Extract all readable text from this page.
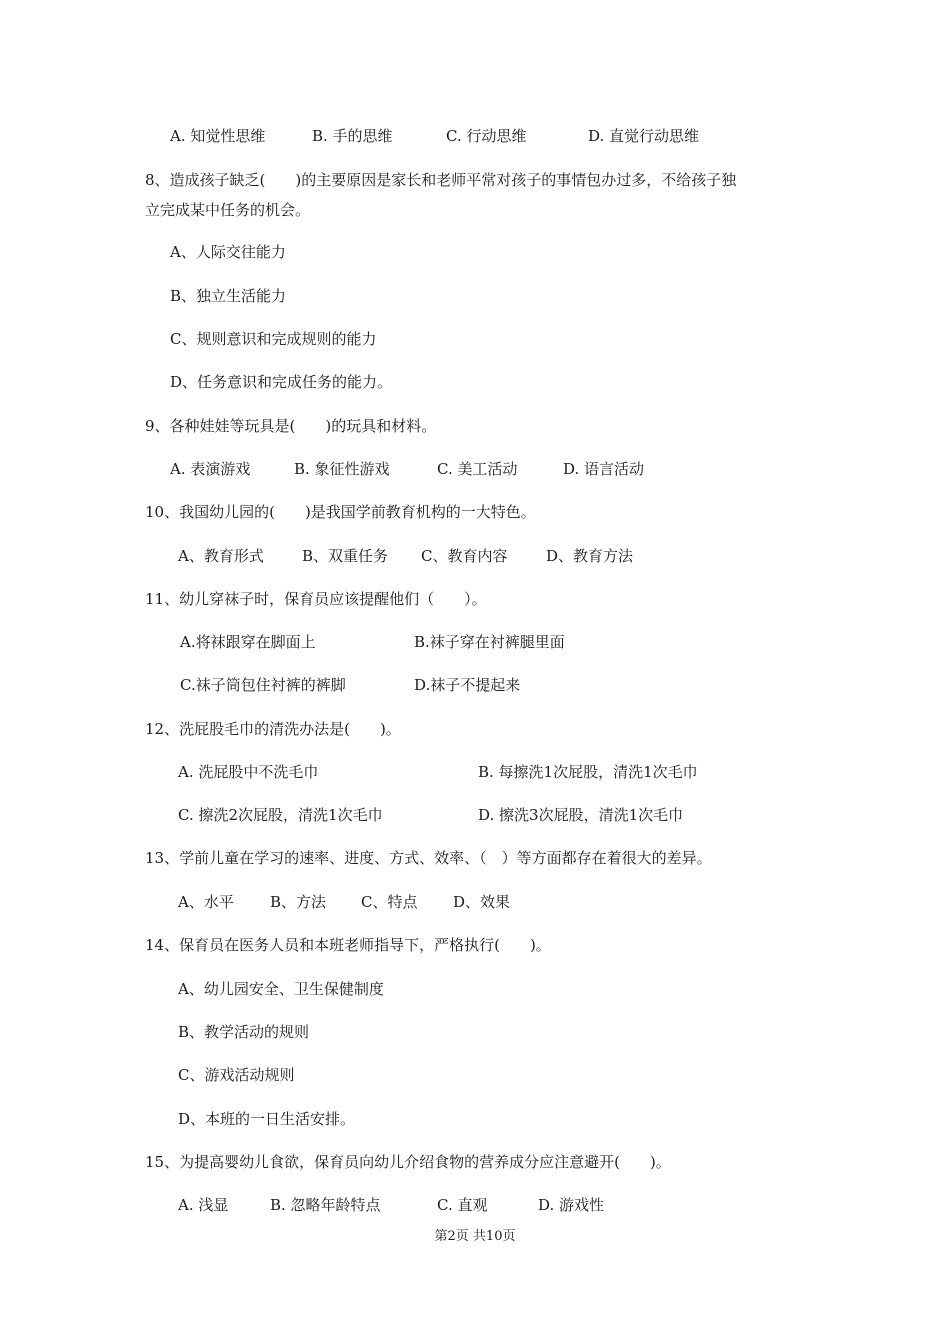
A. 知觉性思维	B. 手的思维	C. 行动思维	D. 直觉行动思维
8、造成孩子缺乏(　　)的主要原因是家长和老师平常对孩子的事情包办过多，不给孩子独
立完成某中任务的机会。
A、人际交往能力
B、独立生活能力
C、规则意识和完成规则的能力
D、任务意识和完成任务的能力。
9、各种娃娃等玩具是(　　)的玩具和材料。
A. 表演游戏	B. 象征性游戏	C. 美工活动	D. 语言活动
10、我国幼儿园的(　　)是我国学前教育机构的一大特色。
A、教育形式	B、双重任务 C、教育内容	D、教育方法
11、幼儿穿袜子时，保育员应该提醒他们（　　）。
A.将袜跟穿在脚面上	B.袜子穿在衬裤腿里面
C.袜子筒包住衬裤的裤脚	D.袜子不提起来
12、洗屁股毛巾的清洗办法是(　　)。
A. 洗屁股中不洗毛巾	B. 每擦洗1次屁股，清洗1次毛巾
C. 擦洗2次屁股，清洗1次毛巾	D. 擦洗3次屁股，清洗1次毛巾
13、学前儿童在学习的速率、进度、方式、效率、（　）等方面都存在着很大的差异。
A、水平 B、方法 C、特点 D、效果
14、保育员在医务人员和本班老师指导下，严格执行(　　)。
A、幼儿园安全、卫生保健制度
B、教学活动的规则
C、游戏活动规则
D、本班的一日生活安排。
15、为提高婴幼儿食欲，保育员向幼儿介绍食物的营养成分应注意避开(　　)。
A. 浅显	B. 忽略年龄特点	C. 直观	D. 游戏性
第2页 共10页
